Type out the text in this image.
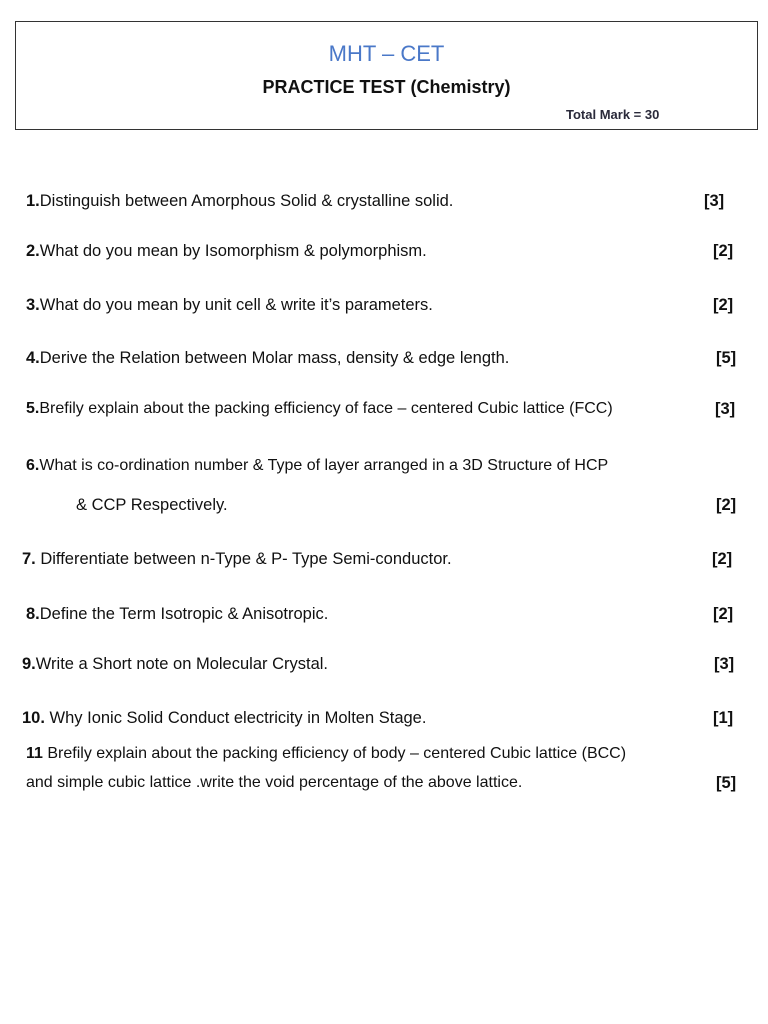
MHT – CET
PRACTICE TEST (Chemistry)
Total Mark = 30
1.Distinguish between Amorphous Solid & crystalline solid.	[3]
2.What do you mean by Isomorphism & polymorphism.	[2]
3.What do you mean by unit cell & write it’s parameters.	[2]
4.Derive the Relation between Molar mass, density & edge length.	[5]
5.Brefily explain about the packing efficiency of face – centered Cubic lattice (FCC)	[3]
6.What is co-ordination number & Type of layer arranged in a 3D Structure of HCP
& CCP Respectively.	[2]
7. Differentiate between n-Type & P- Type Semi-conductor.	[2]
8.Define the Term Isotropic & Anisotropic.	[2]
9.Write a Short note on Molecular Crystal.	[3]
10. Why Ionic Solid Conduct electricity in Molten Stage.	[1]
11 Brefily explain about the packing efficiency of body – centered Cubic lattice (BCC)
and simple cubic lattice .write the void percentage of the above lattice.	[5]
